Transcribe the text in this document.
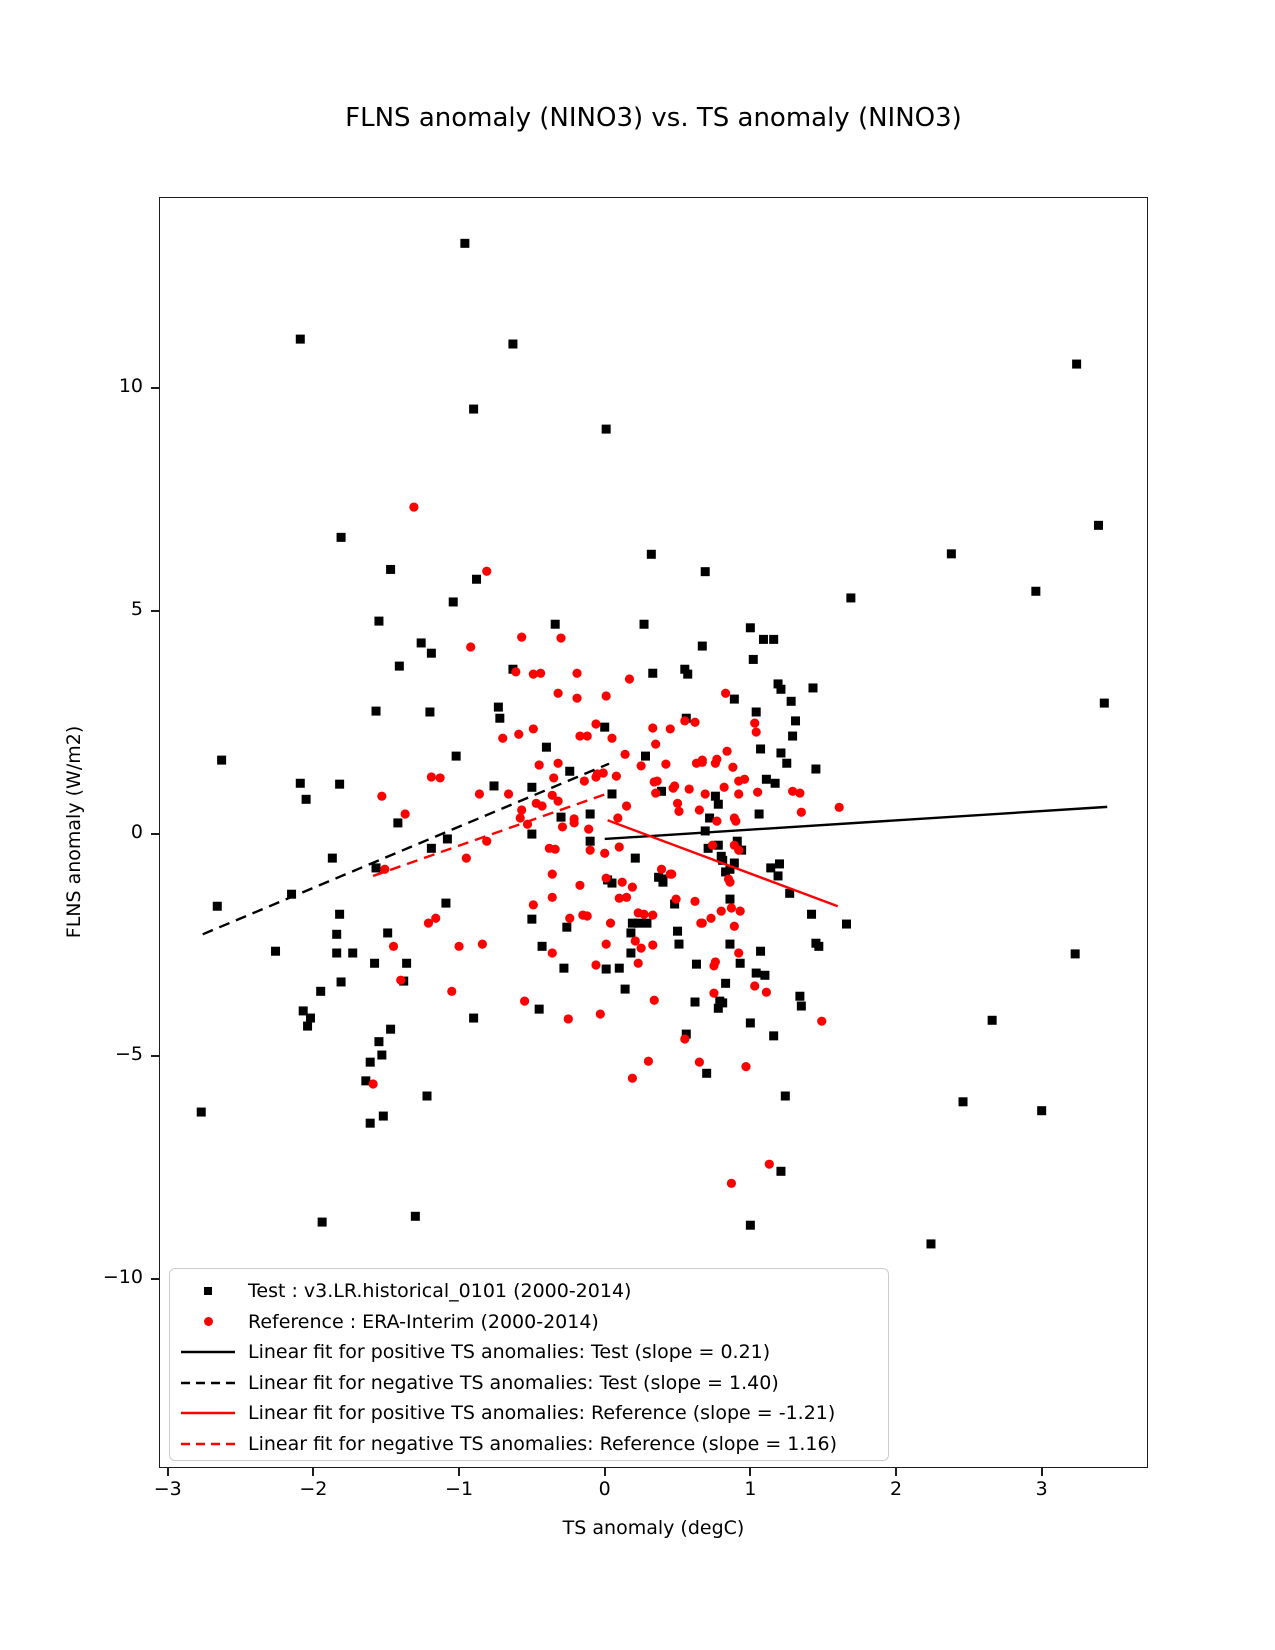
FLNS anomaly (NINO3) vs. TS anomaly (NINO3)
−3	−2	−1	0	1	2	3
10
5
0
−5
−10
TS anomaly (degC)
FLNS anomaly (W/m2)
Test : v3.LR.historical_0101 (2000-2014)
Reference : ERA-Interim (2000-2014)
Linear fit for positive TS anomalies: Test (slope = 0.21)
Linear fit for negative TS anomalies: Test (slope = 1.40)
Linear fit for positive TS anomalies: Reference (slope = -1.21)
Linear fit for negative TS anomalies: Reference (slope = 1.16)
